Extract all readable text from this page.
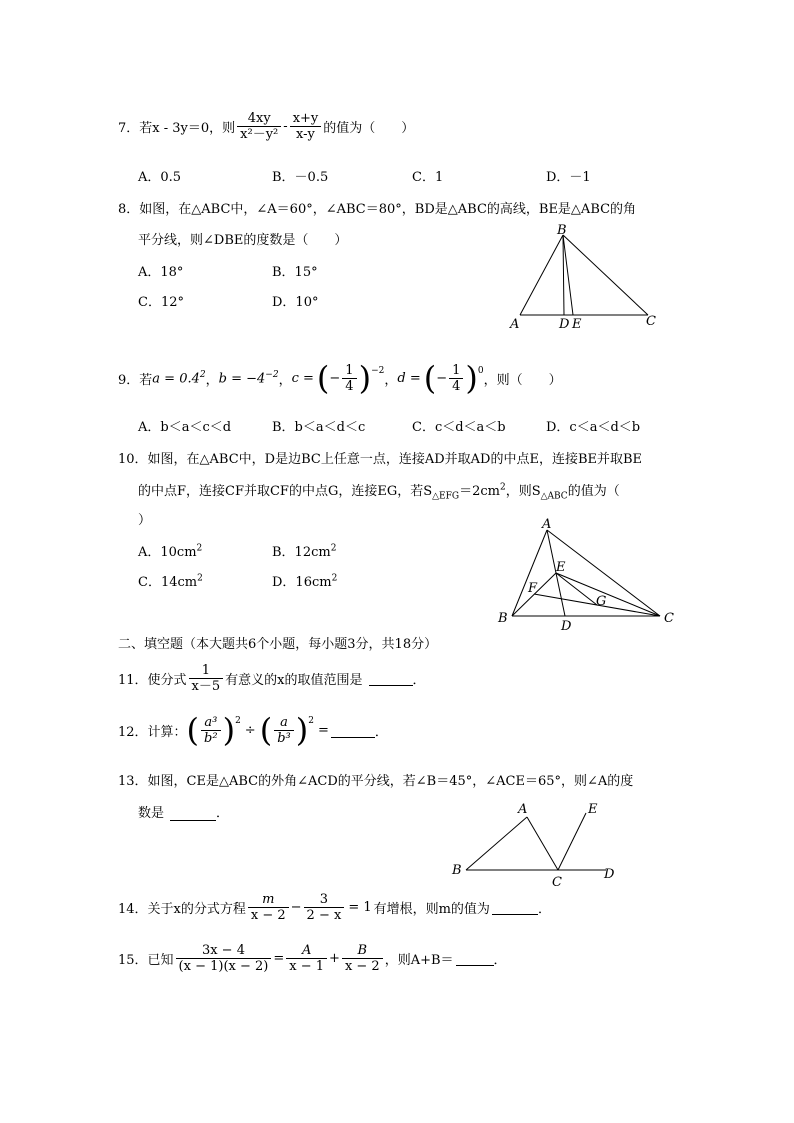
7．若x - 3y＝0，则 $\frac{4xy}{\text{x²－y²}} - \frac{x+y}{x-y}$ 的值为（　　）
A．0.5	B．－0.5	C．1	D．－1
8．如图，在△ABC中，∠A＝60°，∠ABC＝80°，BD是△ABC的高线，BE是△ABC的角
平分线，则∠DBE的度数是（　　）
A．18°	B．15°
C．12°	D．10°
B
A	D E	C
9． 若 $a = 0.4^2$ ， $b = -4^{-2}$ ， c = ( − $\frac{1}{4} )^{-2}$
， d = ( − $\frac{1}{4} )^0$
，则（　　）
A．b＜a＜c＜d	B．b＜a＜d＜c	C．c＜d＜a＜b	D．c＜a＜d＜b
10．如图，在△ABC中，D是边BC上任意一点，连接AD并取AD的中点E，连接BE并取BE
的中点F，连接CF并取CF的中点G，连接EG，若$S_{\triangle EFG}=2cm^2$，则$S_{\triangle ABC}$的值为（
）
A．$10cm^2$	B．$12cm^2$
C．$14cm^2$	D．$16cm^2$
A
E
F
G
B
D
C
二、填空题（本大题共6个小题，每小题3分，共18分）
11．使分式 $\frac{1}{x-5}$ 有意义的x的取值范围是	．
12．计算： ( $\frac{\text{a³}}{\text{b²}} )^2$
÷ ( $\frac{a}{\text{b³}} )^2$
=	．
13．如图，CE是△ABC的外角∠ACD的平分线，若∠B＝45°，∠ACE＝65°，则∠A的度
数是	．	A	E
B
C
D
14．关于x的分式方程 $\frac{m}{x - 2} - \frac{3}{2 - x} = 1$ 有增根，则m的值为	．
15．已知 $\frac{3x - 4}{(x - 1)(x - 2)} = \frac{A}{x - 1} + \frac{B}{x - 2}$ ，则A+B＝	．
